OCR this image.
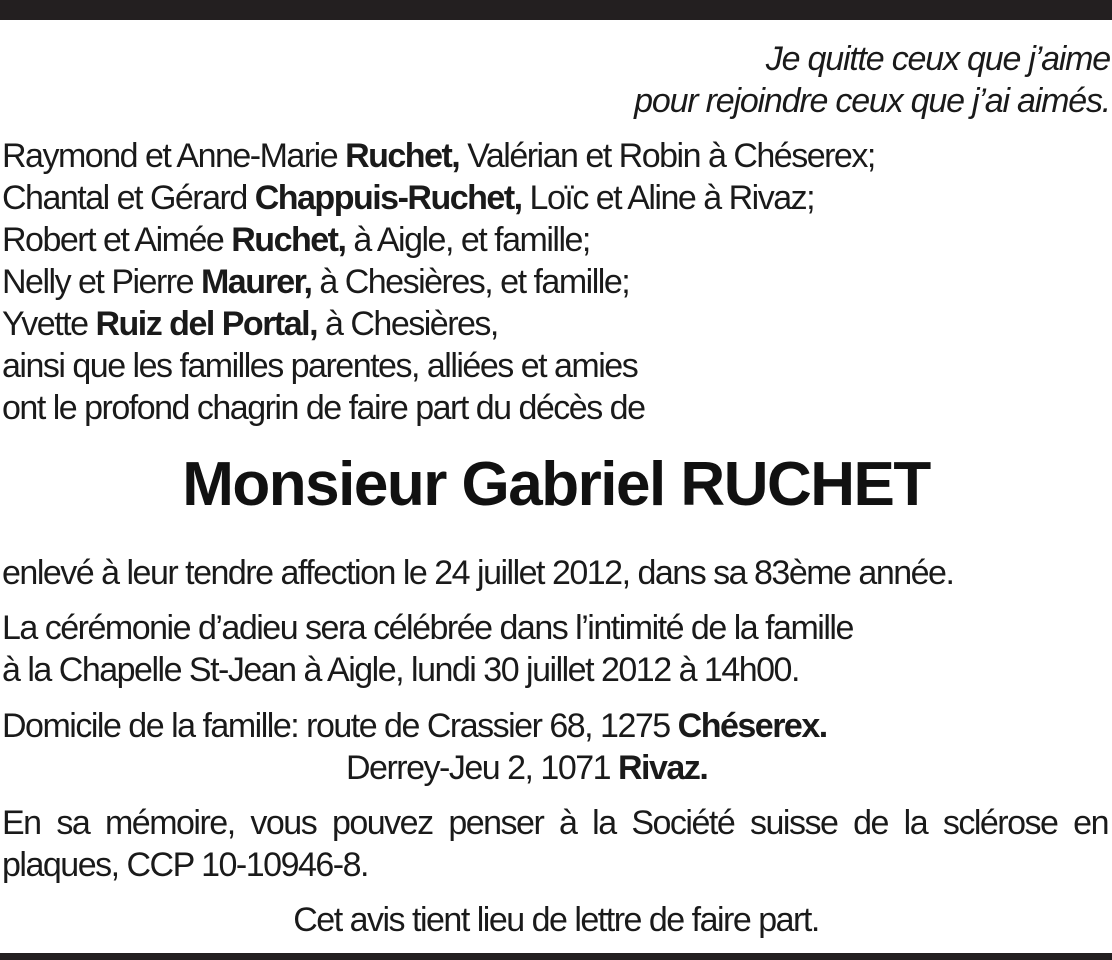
Je quitte ceux que j’aime
pour rejoindre ceux que j’ai aimés.
Raymond et Anne-Marie Ruchet, Valérian et Robin à Chéserex;
Chantal et Gérard Chappuis-Ruchet, Loïc et Aline à Rivaz;
Robert et Aimée Ruchet, à Aigle, et famille;
Nelly et Pierre Maurer, à Chesières, et famille;
Yvette Ruiz del Portal, à Chesières,
ainsi que les familles parentes, alliées et amies
ont le profond chagrin de faire part du décès de
Monsieur Gabriel RUCHET
enlevé à leur tendre affection le 24 juillet 2012, dans sa 83ème année.
La cérémonie d’adieu sera célébrée dans l’intimité de la famille
à la Chapelle St-Jean à Aigle, lundi 30 juillet 2012 à 14h00.
Domicile de la famille: route de Crassier 68, 1275 Chéserex.
Derrey-Jeu 2, 1071 Rivaz.
En sa mémoire, vous pouvez penser à la Société suisse de la sclérose en
plaques, CCP 10-10946-8.
Cet avis tient lieu de lettre de faire part.
